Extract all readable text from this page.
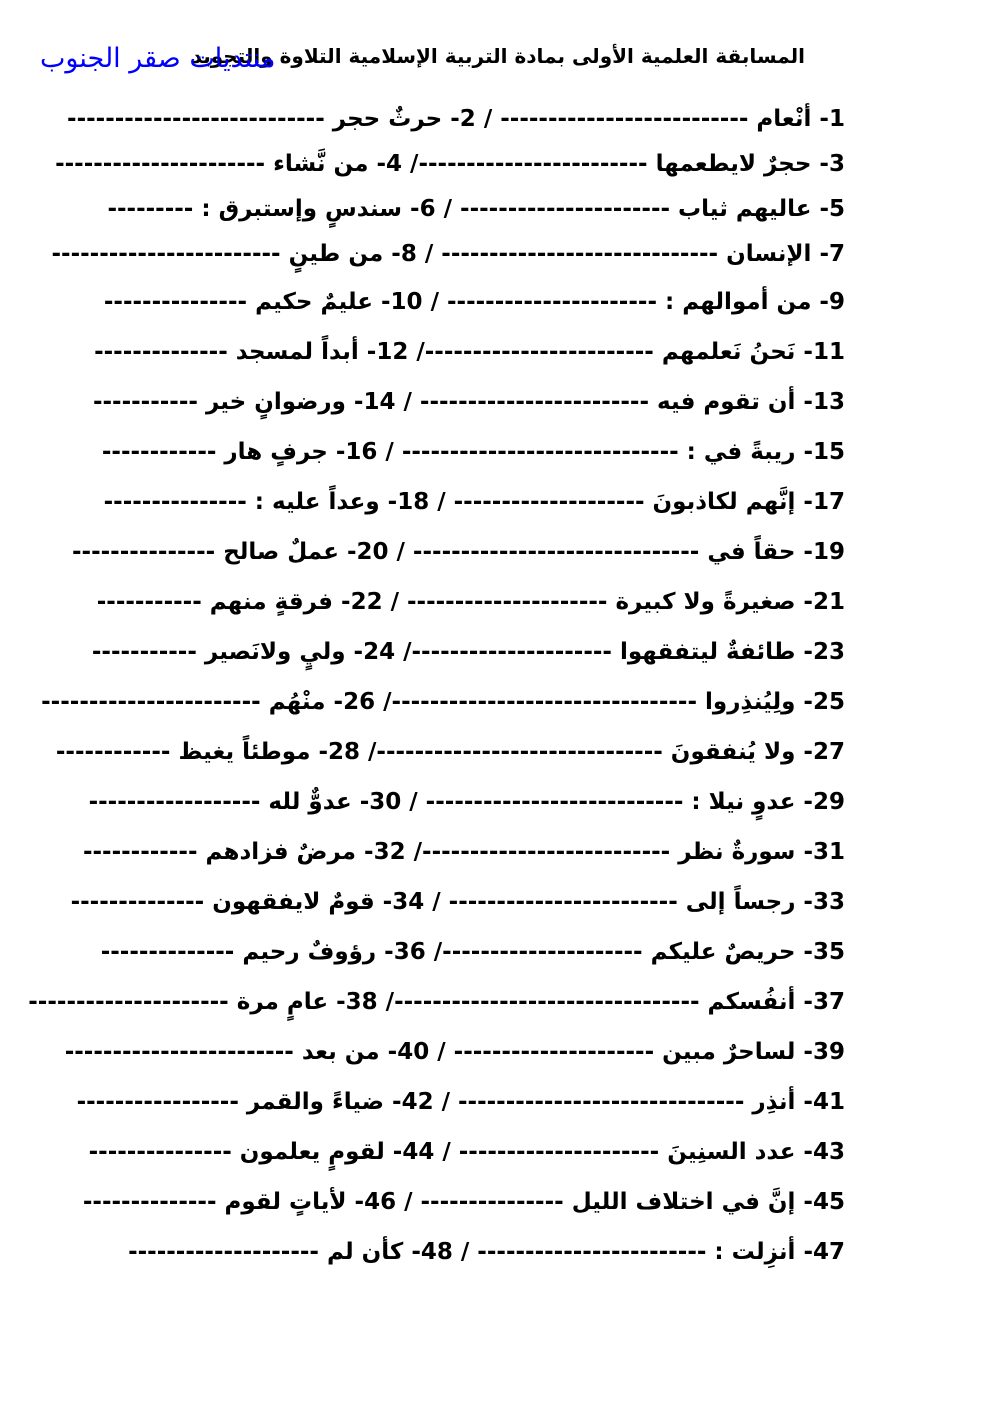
المسابقة العلمية الأولى بمادة التربية الإسلامية التلاوة والتجويد
منتديات صقر الجنوب
1- أنْعام -------------------------- / 2- حرثٌ حجر ---------------------------
3- حجرٌ لايطعمها ------------------------/ 4- من نَّشاء ----------------------
5- عاليهم ثياب ---------------------- / 6- سندسٍ وإستبرق : ---------
7- الإنسان ----------------------------- / 8- من طينٍ ------------------------
9- من أموالهم : ---------------------- / 10- عليمٌ حكيم ---------------
11- نَحنُ نَعلمهم ------------------------/ 12- أبداً لمسجد --------------
13- أن تقوم فيه ------------------------ / 14- ورضوانٍ خير -----------
15- ريبةً في : ----------------------------- / 16- جرفٍ هار ------------
17- إنَّهم لكاذبونَ -------------------- / 18- وعداً عليه : ---------------
19- حقاً في ------------------------------ / 20- عملٌ صالح ---------------
21- صغيرةً ولا كبيرة --------------------- / 22- فرقةٍ منهم -----------
23- طائفةٌ ليتفقهوا ---------------------/ 24- وليٍ ولانَصير -----------
25- ولِيُنذِروا --------------------------------/ 26- منْهُم -----------------------
27- ولا يُنفقونَ ------------------------------/ 28- موطئاً يغيظ ------------
29- عدوٍ نيلا : --------------------------- / 30- عدوٌّ لله ------------------
31- سورةٌ نظر --------------------------/ 32- مرضٌ فزادهم ------------
33- رجساً إلى ------------------------ / 34- قومٌ لايفقهون --------------
35- حريصٌ عليكم ---------------------/ 36- رؤوفٌ رحيم --------------
37- أنفُسكم --------------------------------/ 38- عامٍ مرة ---------------------
39- لساحرٌ مبين --------------------- / 40- من بعد ------------------------
41- أنذِر ------------------------------ / 42- ضياءً والقمر -----------------
43- عدد السنِينَ --------------------- / 44- لقومٍ يعلمون ---------------
45- إنَّ في اختلاف الليل --------------- / 46- لأياتٍ لقوم --------------
47- أنزِلت : ------------------------ / 48- كأن لم --------------------
